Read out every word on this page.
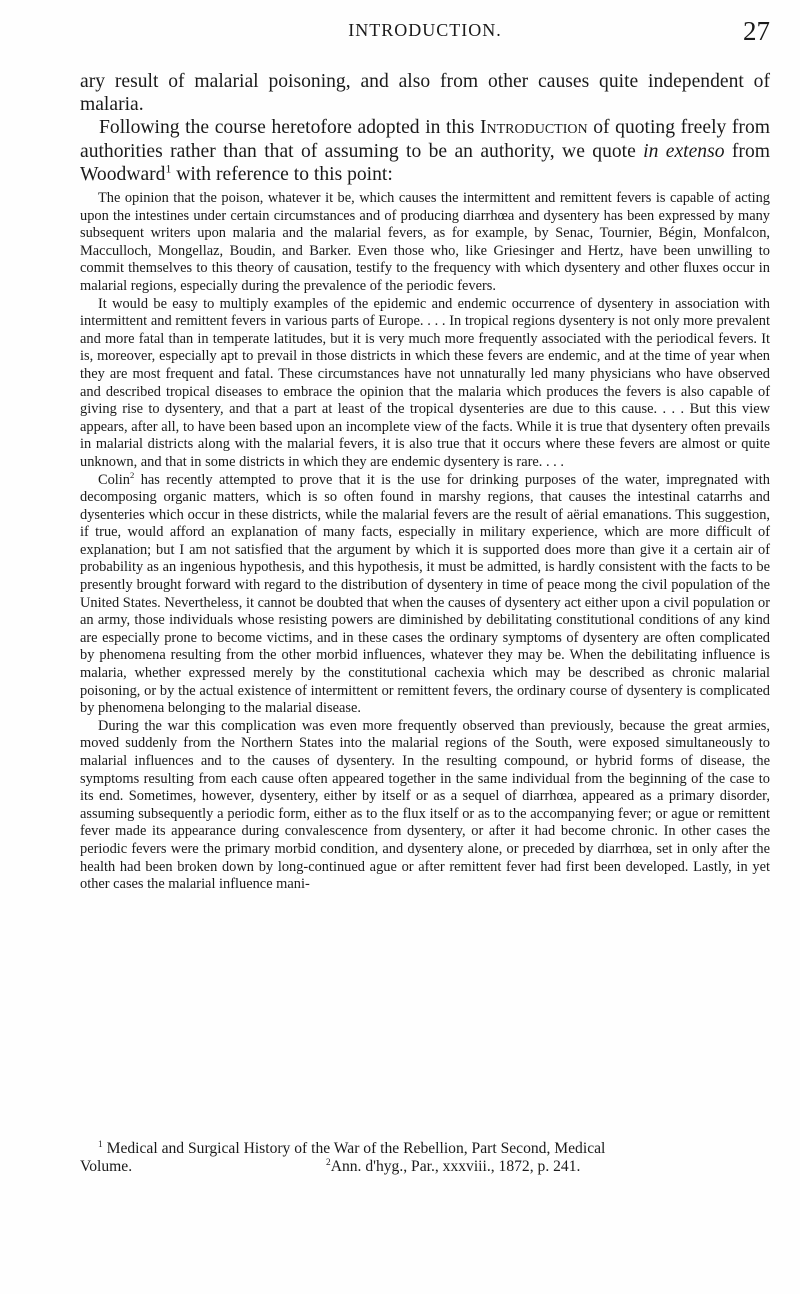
INTRODUCTION.	27

ary result of malarial poisoning, and also from other causes quite independent of malaria.

Following the course heretofore adopted in this Introduction of quoting freely from authorities rather than that of assuming to be an authority, we quote in extenso from Woodward$^1$ with reference to this point:

The opinion that the poison, whatever it be, which causes the intermittent and remittent fevers is capable of acting upon the intestines under certain circumstances and of producing diarrhœa and dysentery has been expressed by many subsequent writers upon malaria and the malarial fevers, as for example, by Senac, Tournier, Bégin, Monfalcon, Macculloch, Mongellaz, Boudin, and Barker. Even those who, like Griesinger and Hertz, have been unwilling to commit themselves to this theory of causation, testify to the frequency with which dysentery and other fluxes occur in malarial regions, especially during the prevalence of the periodic fevers.

It would be easy to multiply examples of the epidemic and endemic occurrence of dysentery in association with intermittent and remittent fevers in various parts of Europe. . . . In tropical regions dysentery is not only more prevalent and more fatal than in temperate latitudes, but it is very much more frequently associated with the periodical fevers. It is, moreover, especially apt to prevail in those districts in which these fevers are endemic, and at the time of year when they are most frequent and fatal. These circumstances have not unnaturally led many physicians who have observed and described tropical diseases to embrace the opinion that the malaria which produces the fevers is also capable of giving rise to dysentery, and that a part at least of the tropical dysenteries are due to this cause. . . . But this view appears, after all, to have been based upon an incomplete view of the facts. While it is true that dysentery often prevails in malarial districts along with the malarial fevers, it is also true that it occurs where these fevers are almost or quite unknown, and that in some districts in which they are endemic dysentery is rare. . . .

Colin$^2$ has recently attempted to prove that it is the use for drinking purposes of the water, impregnated with decomposing organic matters, which is so often found in marshy regions, that causes the intestinal catarrhs and dysenteries which occur in these districts, while the malarial fevers are the result of aërial emanations. This suggestion, if true, would afford an explanation of many facts, especially in military experience, which are more difficult of explanation; but I am not satisfied that the argument by which it is supported does more than give it a certain air of probability as an ingenious hypothesis, and this hypothesis, it must be admitted, is hardly consistent with the facts to be presently brought forward with regard to the distribution of dysentery in time of peace mong the civil population of the United States. Nevertheless, it cannot be doubted that when the causes of dysentery act either upon a civil population or an army, those individuals whose resisting powers are diminished by debilitating constitutional conditions of any kind are especially prone to become victims, and in these cases the ordinary symptoms of dysentery are often complicated by phenomena resulting from the other morbid influences, whatever they may be. When the debilitating influence is malaria, whether expressed merely by the constitutional cachexia which may be described as chronic malarial poisoning, or by the actual existence of intermittent or remittent fevers, the ordinary course of dysentery is complicated by phenomena belonging to the malarial disease.

During the war this complication was even more frequently observed than previously, because the great armies, moved suddenly from the Northern States into the malarial regions of the South, were exposed simultaneously to malarial influences and to the causes of dysentery. In the resulting compound, or hybrid forms of disease, the symptoms resulting from each cause often appeared together in the same individual from the beginning of the case to its end. Sometimes, however, dysentery, either by itself or as a sequel of diarrhœa, appeared as a primary disorder, assuming subsequently a periodic form, either as to the flux itself or as to the accompanying fever; or ague or remittent fever made its appearance during convalescence from dysentery, or after it had become chronic. In other cases the periodic fevers were the primary morbid condition, and dysentery alone, or preceded by diarrhœa, set in only after the health had been broken down by long-continued ague or after remittent fever had first been developed. Lastly, in yet other cases the malarial influence mani-

$^1$ Medical and Surgical History of the War of the Rebellion, Part Second, Medical

Volume.	$^2$Ann. d'hyg., Par., xxxviii., 1872, p. 241.
